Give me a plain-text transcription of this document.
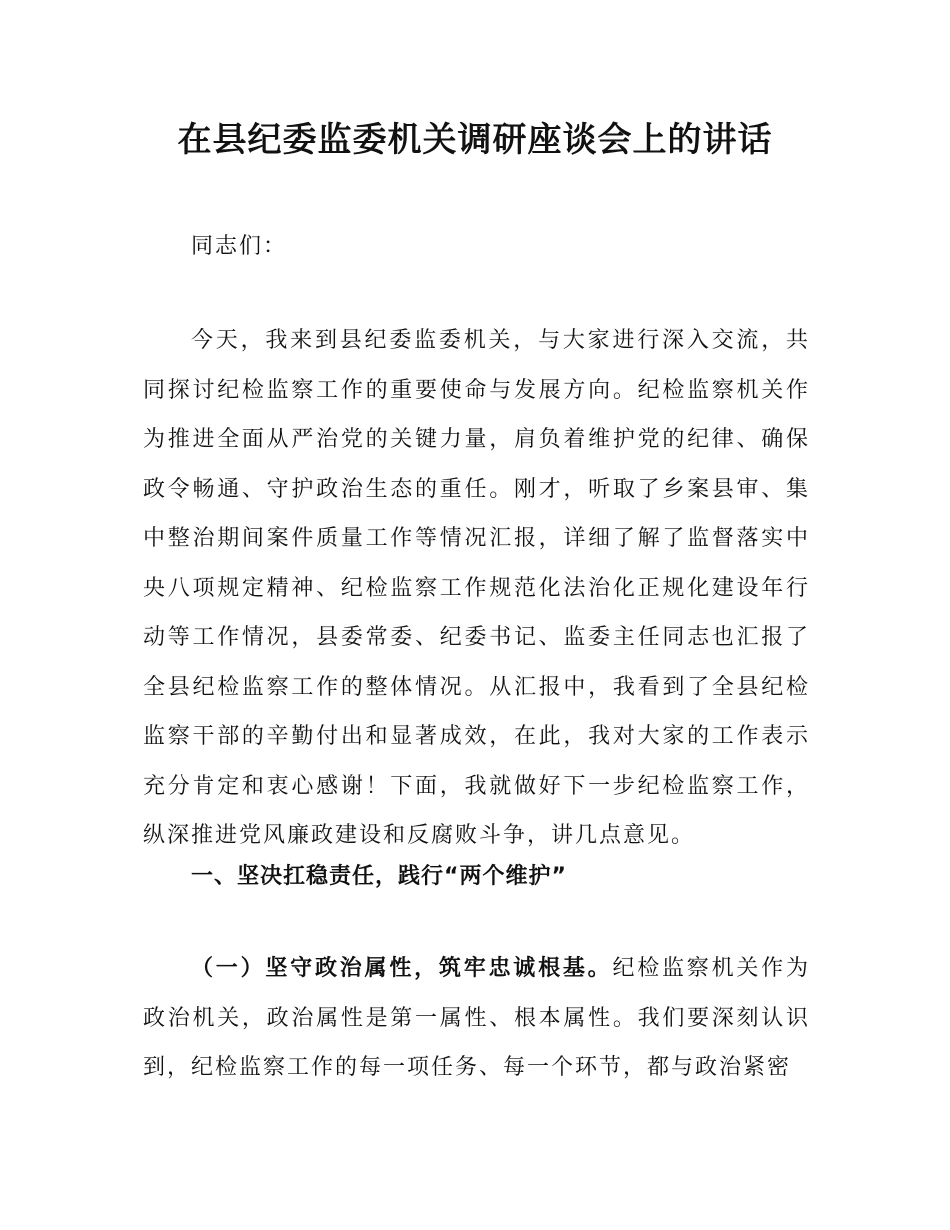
在县纪委监委机关调研座谈会上的讲话

同志们：

今天，我来到县纪委监委机关，与大家进行深入交流，共同探讨纪检监察工作的重要使命与发展方向。纪检监察机关作为推进全面从严治党的关键力量，肩负着维护党的纪律、确保政令畅通、守护政治生态的重任。刚才，听取了乡案县审、集中整治期间案件质量工作等情况汇报，详细了解了监督落实中央八项规定精神、纪检监察工作规范化法治化正规化建设年行动等工作情况，县委常委、纪委书记、监委主任同志也汇报了全县纪检监察工作的整体情况。从汇报中，我看到了全县纪检监察干部的辛勤付出和显著成效，在此，我对大家的工作表示充分肯定和衷心感谢！下面，我就做好下一步纪检监察工作，纵深推进党风廉政建设和反腐败斗争，讲几点意见。

一、坚决扛稳责任，践行“两个维护”

（一）坚守政治属性，筑牢忠诚根基。纪检监察机关作为政治机关，政治属性是第一属性、根本属性。我们要深刻认识到，纪检监察工作的每一项任务、每一个环节，都与政治紧密
